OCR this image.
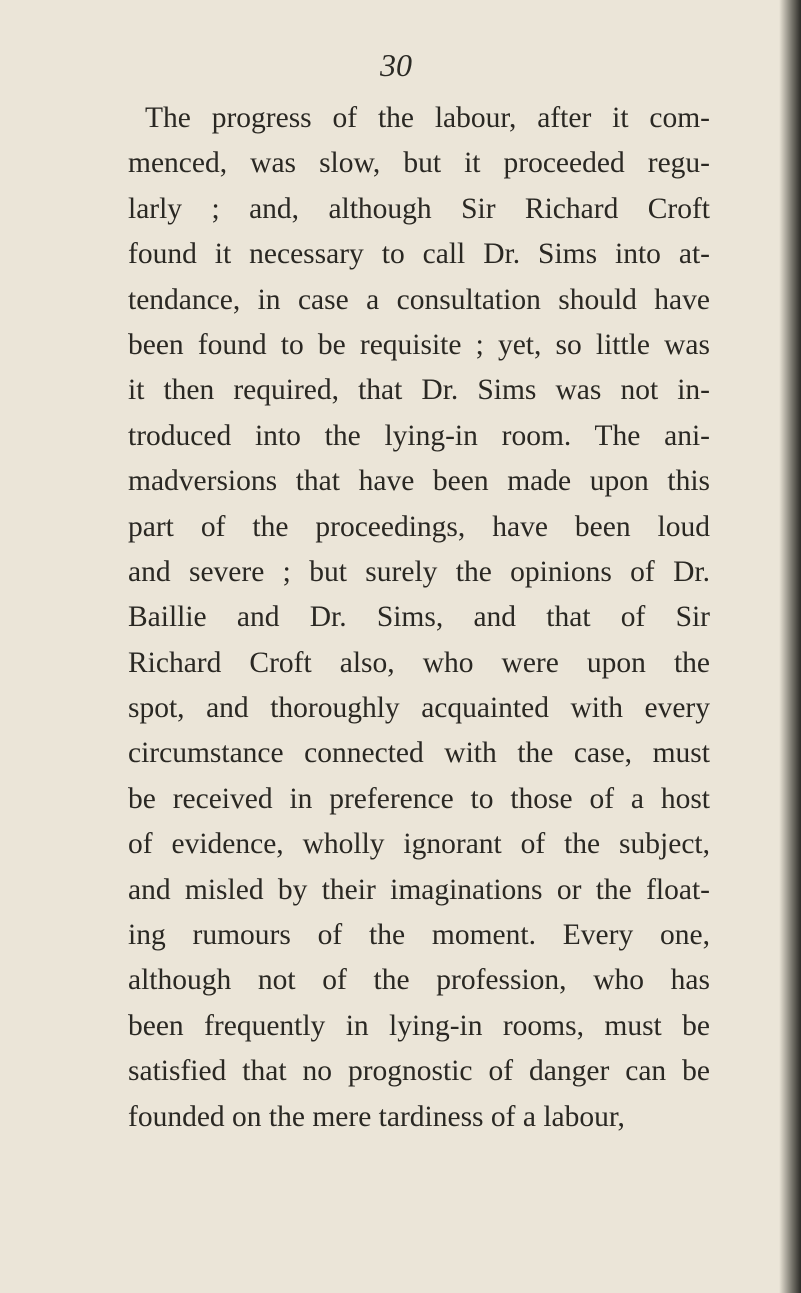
30
The progress of the labour, after it com-
menced, was slow, but it proceeded regu-
larly ; and, although Sir Richard Croft
found it necessary to call Dr. Sims into at-
tendance, in case a consultation should have
been found to be requisite ; yet, so little was
it then required, that Dr. Sims was not in-
troduced into the lying-in room. The ani-
madversions that have been made upon this
part of the proceedings, have been loud
and severe ; but surely the opinions of Dr.
Baillie and Dr. Sims, and that of Sir
Richard Croft also, who were upon the
spot, and thoroughly acquainted with every
circumstance connected with the case, must
be received in preference to those of a host
of evidence, wholly ignorant of the subject,
and misled by their imaginations or the float-
ing rumours of the moment. Every one,
although not of the profession, who has
been frequently in lying-in rooms, must be
satisfied that no prognostic of danger can be
founded on the mere tardiness of a labour,
